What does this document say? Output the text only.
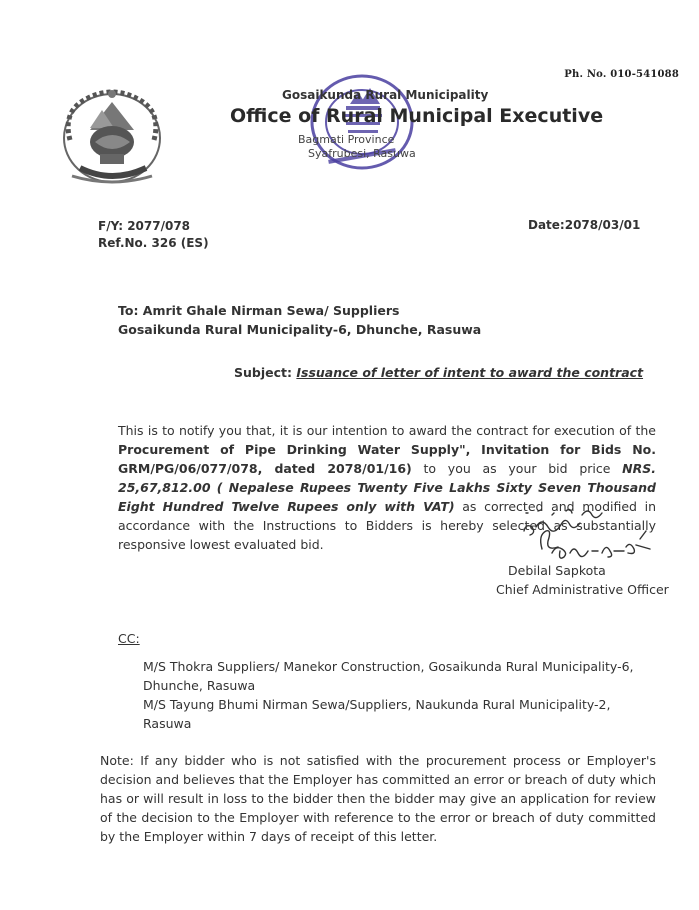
Ph. No. 010-541088
Gosaikunda Rural Municipality
Office of Rural Municipal Executive
Bagmati Province
Syafrubesi, Rasuwa
F/Y: 2077/078
Ref.No. 326 (ES)
Date:2078/03/01
To: Amrit Ghale Nirman Sewa/ Suppliers
Gosaikunda Rural Municipality-6, Dhunche, Rasuwa
Subject: Issuance of letter of intent to award the contract
This is to notify you that, it is our intention to award the contract for execution of the Procurement of Pipe Drinking Water Supply", Invitation for Bids No. GRM/PG/06/077/078, dated 2078/01/16) to you as your bid price NRS. 25,67,812.00 ( Nepalese Rupees Twenty Five Lakhs Sixty Seven Thousand Eight Hundred Twelve Rupees only with VAT) as corrected and modified in accordance with the Instructions to Bidders is hereby selected as substantially responsive lowest evaluated bid.
Debilal Sapkota
Chief Administrative Officer
CC:
M/S Thokra Suppliers/ Manekor Construction, Gosaikunda Rural Municipality-6,
Dhunche, Rasuwa
M/S Tayung Bhumi Nirman Sewa/Suppliers, Naukunda Rural Municipality-2, Rasuwa
Note: If any bidder who is not satisfied with the procurement process or Employer's decision and believes that the Employer has committed an error or breach of duty which has or will result in loss to the bidder then the bidder may give an application for review of the decision to the Employer with reference to the error or breach of duty committed by the Employer within 7 days of receipt of this letter.
